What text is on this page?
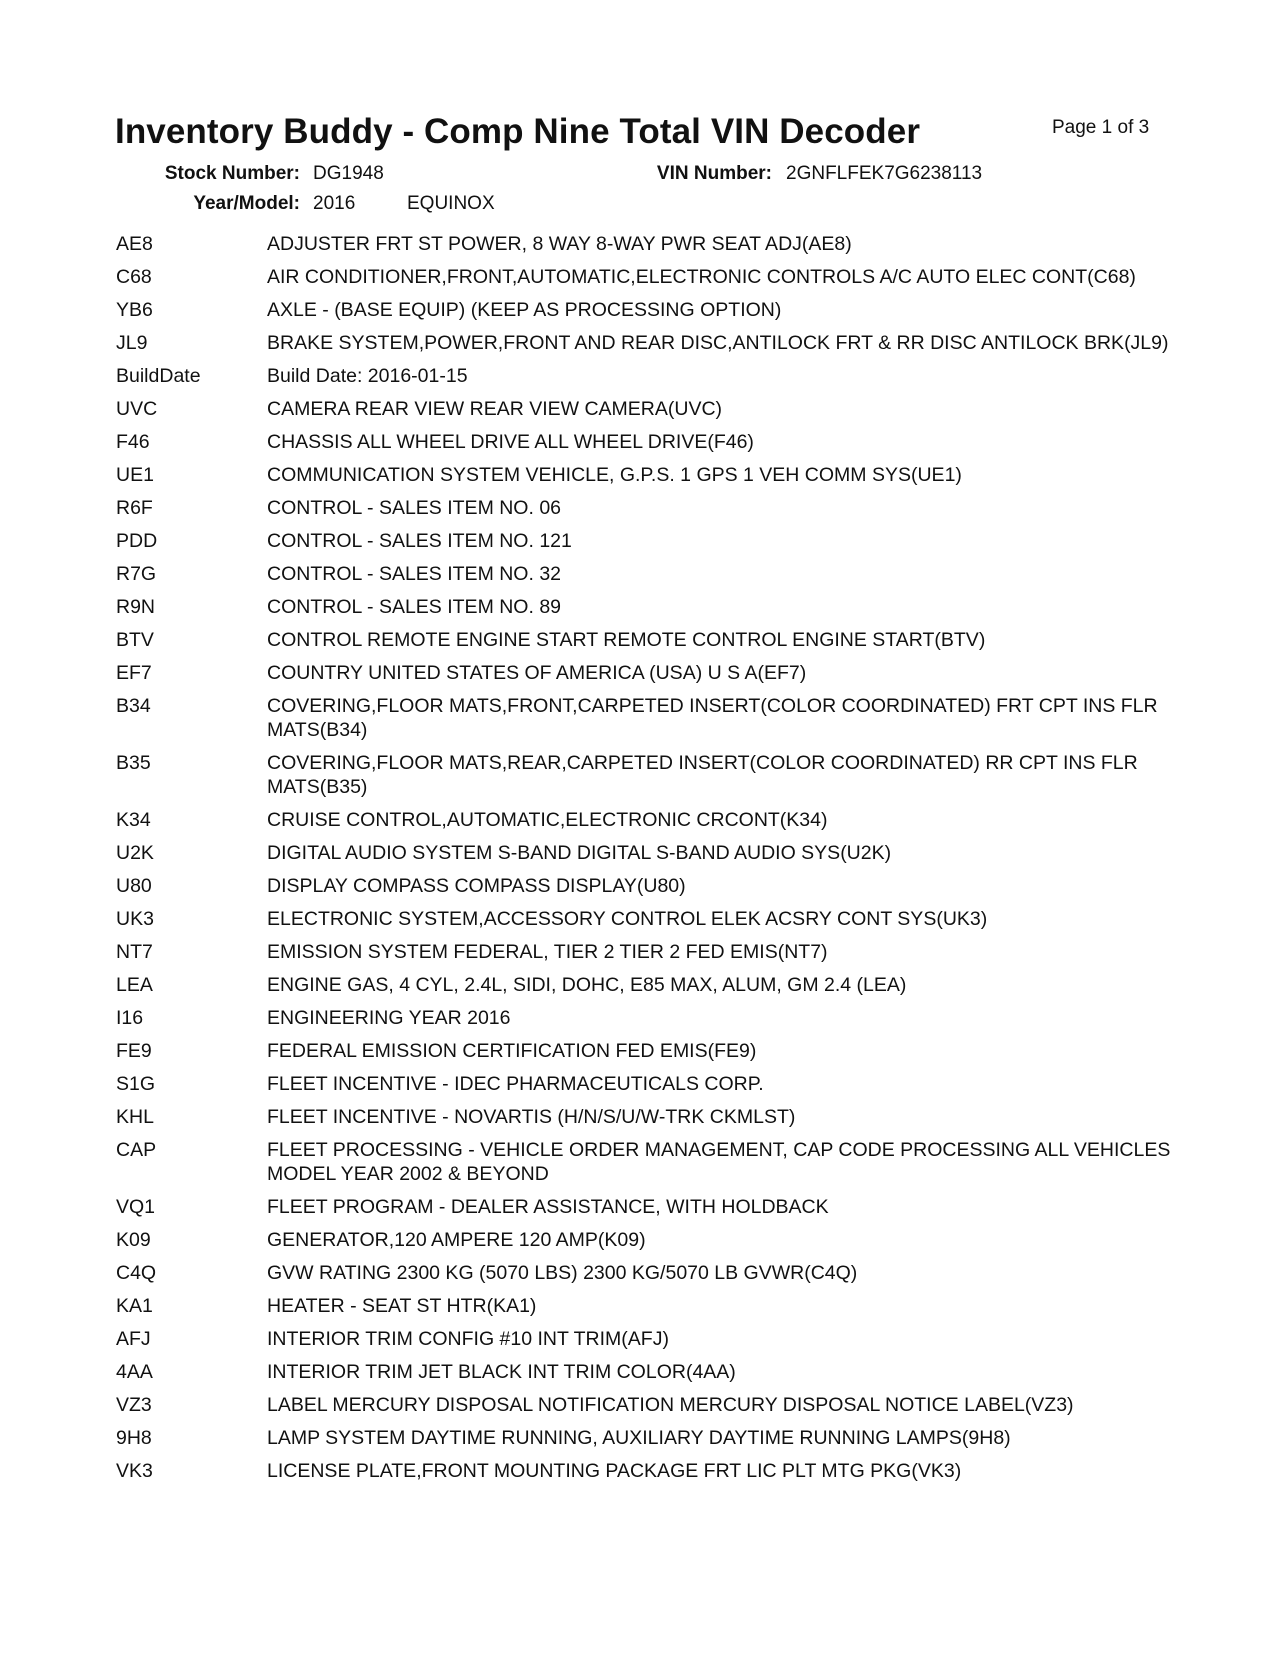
Inventory Buddy - Comp Nine Total VIN Decoder	Page 1 of 3
Stock Number: DG1948	VIN Number: 2GNFLFEK7G6238113
Year/Model: 2016	EQUINOX
AE8	ADJUSTER FRT ST POWER, 8 WAY 8-WAY PWR SEAT ADJ(AE8)
C68	AIR CONDITIONER,FRONT,AUTOMATIC,ELECTRONIC CONTROLS A/C AUTO ELEC CONT(C68)
YB6	AXLE - (BASE EQUIP) (KEEP AS PROCESSING OPTION)
JL9	BRAKE SYSTEM,POWER,FRONT AND REAR DISC,ANTILOCK FRT & RR DISC ANTILOCK BRK(JL9)
BuildDate	Build Date: 2016-01-15
UVC	CAMERA REAR VIEW REAR VIEW CAMERA(UVC)
F46	CHASSIS ALL WHEEL DRIVE ALL WHEEL DRIVE(F46)
UE1	COMMUNICATION SYSTEM VEHICLE, G.P.S. 1 GPS 1 VEH COMM SYS(UE1)
R6F	CONTROL - SALES ITEM NO. 06
PDD	CONTROL - SALES ITEM NO. 121
R7G	CONTROL - SALES ITEM NO. 32
R9N	CONTROL - SALES ITEM NO. 89
BTV	CONTROL REMOTE ENGINE START REMOTE CONTROL ENGINE START(BTV)
EF7	COUNTRY UNITED STATES OF AMERICA (USA) U S A(EF7)
B34	COVERING,FLOOR MATS,FRONT,CARPETED INSERT(COLOR COORDINATED) FRT CPT INS FLR MATS(B34)
B35	COVERING,FLOOR MATS,REAR,CARPETED INSERT(COLOR COORDINATED) RR CPT INS FLR MATS(B35)
K34	CRUISE CONTROL,AUTOMATIC,ELECTRONIC CRCONT(K34)
U2K	DIGITAL AUDIO SYSTEM S-BAND DIGITAL S-BAND AUDIO SYS(U2K)
U80	DISPLAY COMPASS COMPASS DISPLAY(U80)
UK3	ELECTRONIC SYSTEM,ACCESSORY CONTROL ELEK ACSRY CONT SYS(UK3)
NT7	EMISSION SYSTEM FEDERAL, TIER 2 TIER 2 FED EMIS(NT7)
LEA	ENGINE GAS, 4 CYL, 2.4L, SIDI, DOHC, E85 MAX, ALUM, GM 2.4 (LEA)
I16	ENGINEERING YEAR 2016
FE9	FEDERAL EMISSION CERTIFICATION FED EMIS(FE9)
S1G	FLEET INCENTIVE - IDEC PHARMACEUTICALS CORP.
KHL	FLEET INCENTIVE - NOVARTIS (H/N/S/U/W-TRK CKMLST)
CAP	FLEET PROCESSING - VEHICLE ORDER MANAGEMENT, CAP CODE PROCESSING ALL VEHICLES MODEL YEAR 2002 & BEYOND
VQ1	FLEET PROGRAM - DEALER ASSISTANCE, WITH HOLDBACK
K09	GENERATOR,120 AMPERE 120 AMP(K09)
C4Q	GVW RATING 2300 KG (5070 LBS) 2300 KG/5070 LB GVWR(C4Q)
KA1	HEATER - SEAT ST HTR(KA1)
AFJ	INTERIOR TRIM CONFIG #10 INT TRIM(AFJ)
4AA	INTERIOR TRIM JET BLACK INT TRIM COLOR(4AA)
VZ3	LABEL MERCURY DISPOSAL NOTIFICATION MERCURY DISPOSAL NOTICE LABEL(VZ3)
9H8	LAMP SYSTEM DAYTIME RUNNING, AUXILIARY DAYTIME RUNNING LAMPS(9H8)
VK3	LICENSE PLATE,FRONT MOUNTING PACKAGE FRT LIC PLT MTG PKG(VK3)
